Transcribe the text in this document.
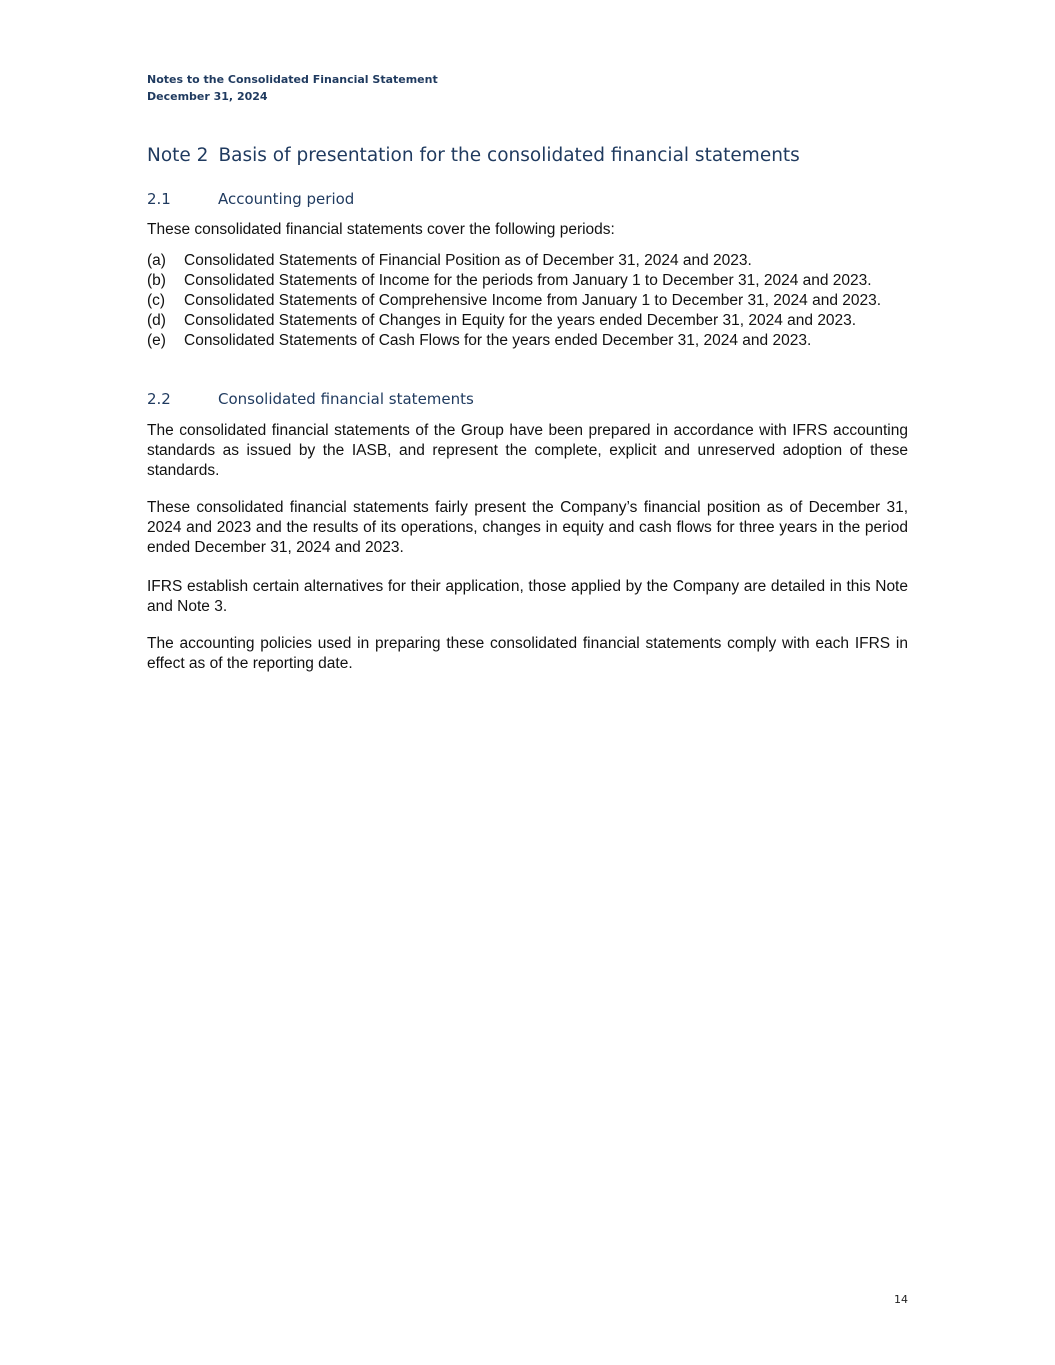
Notes to the Consolidated Financial Statement
December 31, 2024
Note 2 Basis of presentation for the consolidated financial statements
2.1	Accounting period
These consolidated financial statements cover the following periods:
(a)	Consolidated Statements of Financial Position as of December 31, 2024 and 2023.
(b)	Consolidated Statements of Income for the periods from January 1 to December 31, 2024 and 2023.
(c)	Consolidated Statements of Comprehensive Income from January 1 to December 31, 2024 and 2023.
(d)	Consolidated Statements of Changes in Equity for the years ended December 31, 2024 and 2023.
(e)	Consolidated Statements of Cash Flows for the years ended December 31, 2024 and 2023.
2.2	Consolidated financial statements

The consolidated financial statements of the Group have been prepared in accordance with IFRS accounting standards as issued by the IASB, and represent the complete, explicit and unreserved adoption of these standards.

These consolidated financial statements fairly present the Company’s financial position as of December 31, 2024 and 2023 and the results of its operations, changes in equity and cash flows for three years in the period ended December 31, 2024 and 2023.

IFRS establish certain alternatives for their application, those applied by the Company are detailed in this Note and Note 3.

The accounting policies used in preparing these consolidated financial statements comply with each IFRS in effect as of the reporting date.

14
